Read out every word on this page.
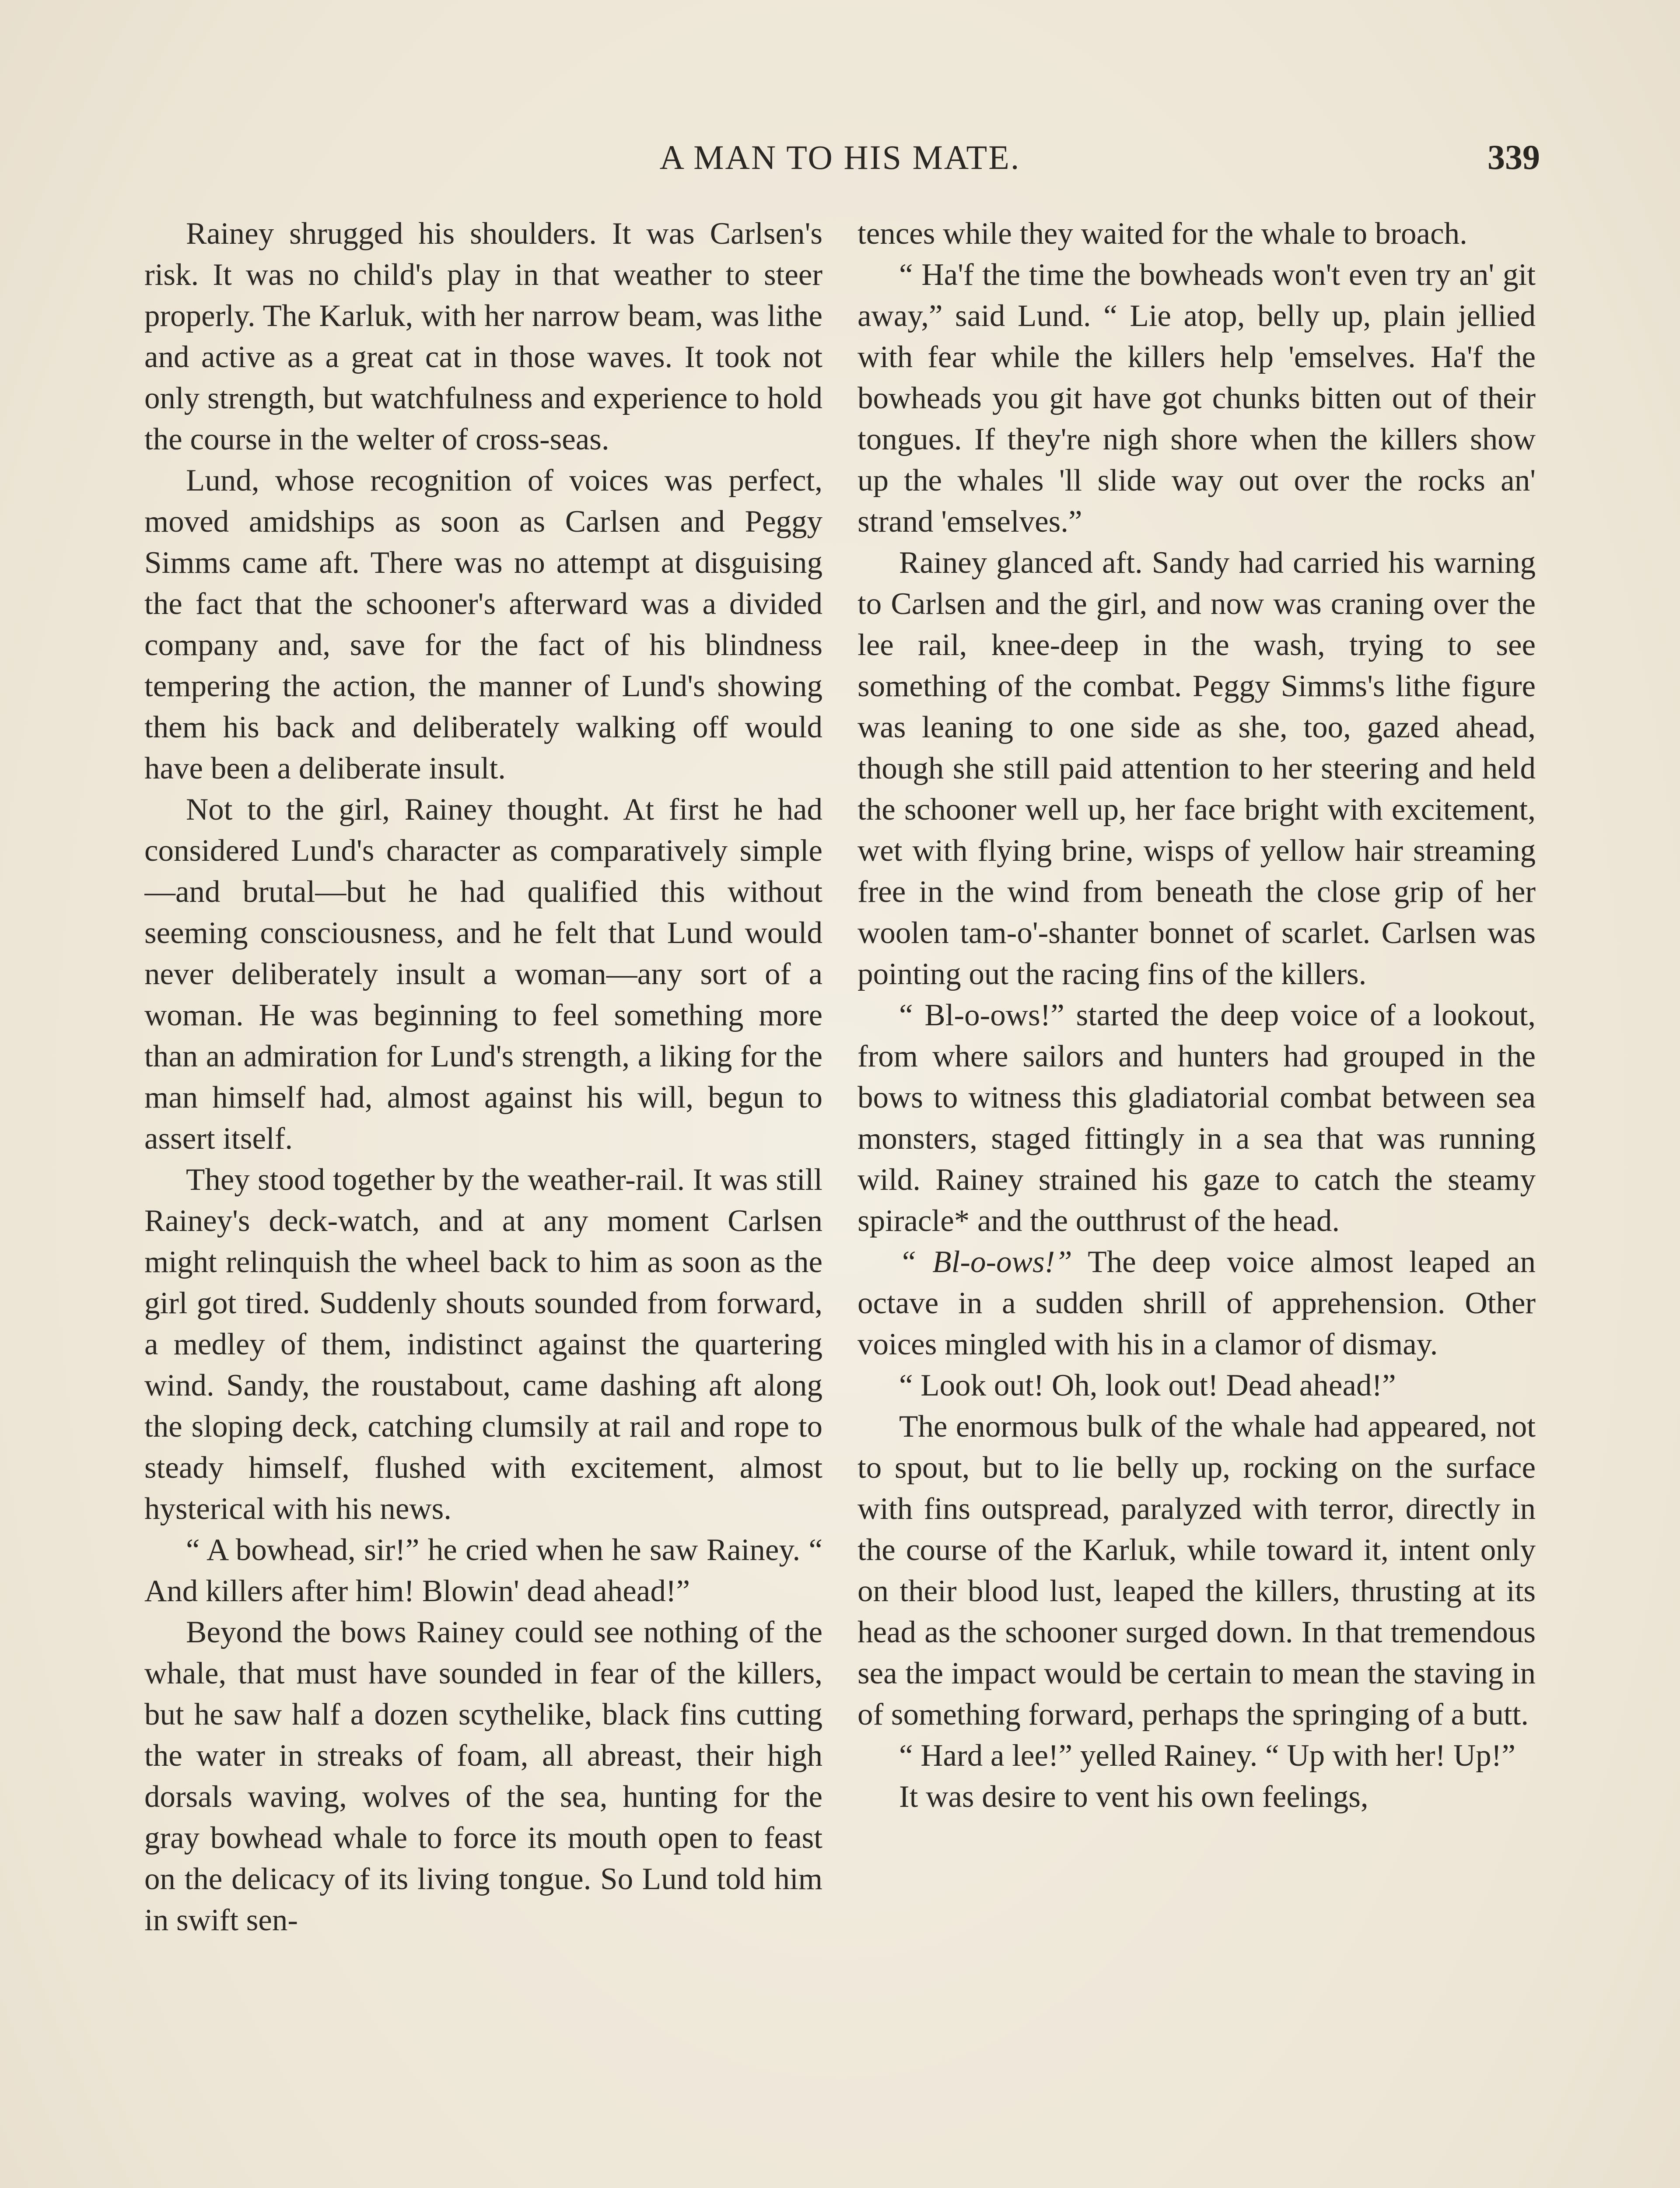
A MAN TO HIS MATE.	339

Rainey shrugged his shoulders. It was Carlsen's risk. It was no child's play in that weather to steer properly. The Karluk, with her narrow beam, was lithe and active as a great cat in those waves. It took not only strength, but watchfulness and experience to hold the course in the welter of cross-seas.

Lund, whose recognition of voices was perfect, moved amidships as soon as Carlsen and Peggy Simms came aft. There was no attempt at disguising the fact that the schooner's afterward was a divided company and, save for the fact of his blindness tempering the action, the manner of Lund's showing them his back and deliberately walking off would have been a deliberate insult.

Not to the girl, Rainey thought. At first he had considered Lund's character as comparatively simple—and brutal—but he had qualified this without seeming consciousness, and he felt that Lund would never deliberately insult a woman—any sort of a woman. He was beginning to feel something more than an admiration for Lund's strength, a liking for the man himself had, almost against his will, begun to assert itself.

They stood together by the weather-rail. It was still Rainey's deck-watch, and at any moment Carlsen might relinquish the wheel back to him as soon as the girl got tired. Suddenly shouts sounded from forward, a medley of them, indistinct against the quartering wind. Sandy, the roustabout, came dashing aft along the sloping deck, catching clumsily at rail and rope to steady himself, flushed with excitement, almost hysterical with his news.

“ A bowhead, sir!” he cried when he saw Rainey. “ And killers after him! Blowin' dead ahead!”

Beyond the bows Rainey could see nothing of the whale, that must have sounded in fear of the killers, but he saw half a dozen scythelike, black fins cutting the water in streaks of foam, all abreast, their high dorsals waving, wolves of the sea, hunting for the gray bowhead whale to force its mouth open to feast on the delicacy of its living tongue. So Lund told him in swift sen-

tences while they waited for the whale to broach.

“ Ha'f the time the bowheads won't even try an' git away,” said Lund. “ Lie atop, belly up, plain jellied with fear while the killers help 'emselves. Ha'f the bowheads you git have got chunks bitten out of their tongues. If they're nigh shore when the killers show up the whales 'll slide way out over the rocks an' strand 'emselves.”

Rainey glanced aft. Sandy had carried his warning to Carlsen and the girl, and now was craning over the lee rail, knee-deep in the wash, trying to see something of the combat. Peggy Simms's lithe figure was leaning to one side as she, too, gazed ahead, though she still paid attention to her steering and held the schooner well up, her face bright with excitement, wet with flying brine, wisps of yellow hair streaming free in the wind from beneath the close grip of her woolen tam-o'-shanter bonnet of scarlet. Carlsen was pointing out the racing fins of the killers.

“ Bl-o-ows!” started the deep voice of a lookout, from where sailors and hunters had grouped in the bows to witness this gladiatorial combat between sea monsters, staged fittingly in a sea that was running wild. Rainey strained his gaze to catch the steamy spiracle* and the outthrust of the head.

“ Bl-o-ows!” The deep voice almost leaped an octave in a sudden shrill of apprehension. Other voices mingled with his in a clamor of dismay.

“ Look out! Oh, look out! Dead ahead!”

The enormous bulk of the whale had appeared, not to spout, but to lie belly up, rocking on the surface with fins outspread, paralyzed with terror, directly in the course of the Karluk, while toward it, intent only on their blood lust, leaped the killers, thrusting at its head as the schooner surged down. In that tremendous sea the impact would be certain to mean the staving in of something forward, perhaps the springing of a butt.

“ Hard a lee!” yelled Rainey. “ Up with her! Up!”

It was desire to vent his own feelings,
